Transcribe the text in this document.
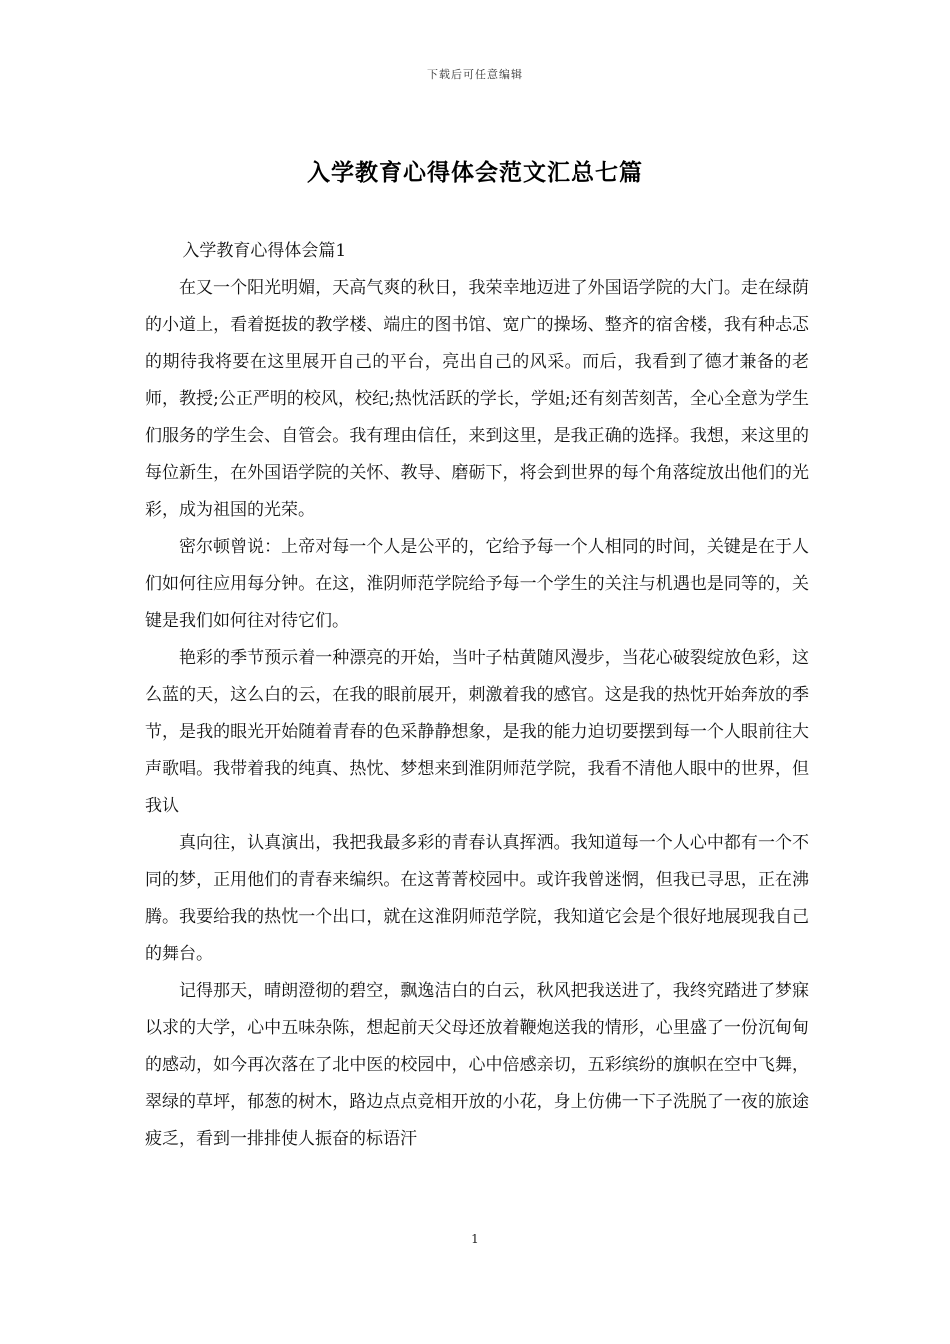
下载后可任意编辑
入学教育心得体会范文汇总七篇

入学教育心得体会篇1

在又一个阳光明媚，天高气爽的秋日，我荣幸地迈进了外国语学院的大门。走在绿荫的小道上，看着挺拔的教学楼、端庄的图书馆、宽广的操场、整齐的宿舍楼，我有种忐忑的期待我将要在这里展开自己的平台，亮出自己的风采。而后，我看到了德才兼备的老师，教授;公正严明的校风，校纪;热忱活跃的学长，学姐;还有刻苦刻苦，全心全意为学生们服务的学生会、自管会。我有理由信任，来到这里，是我正确的选择。我想，来这里的每位新生，在外国语学院的关怀、教导、磨砺下，将会到世界的每个角落绽放出他们的光彩，成为祖国的光荣。

密尔顿曾说：上帝对每一个人是公平的，它给予每一个人相同的时间，关键是在于人们如何往应用每分钟。在这，淮阴师范学院给予每一个学生的关注与机遇也是同等的，关键是我们如何往对待它们。

艳彩的季节预示着一种漂亮的开始，当叶子枯黄随风漫步，当花心破裂绽放色彩，这么蓝的天，这么白的云，在我的眼前展开，刺激着我的感官。这是我的热忱开始奔放的季节，是我的眼光开始随着青春的色采静静想象，是我的能力迫切要摆到每一个人眼前往大声歌唱。我带着我的纯真、热忱、梦想来到淮阴师范学院，我看不清他人眼中的世界，但我认

真向往，认真演出，我把我最多彩的青春认真挥洒。我知道每一个人心中都有一个不同的梦，正用他们的青春来编织。在这菁菁校园中。或许我曾迷惘，但我已寻思，正在沸腾。我要给我的热忱一个出口，就在这淮阴师范学院，我知道它会是个很好地展现我自己的舞台。

记得那天，晴朗澄彻的碧空，飘逸洁白的白云，秋风把我送进了，我终究踏进了梦寐以求的大学，心中五味杂陈，想起前天父母还放着鞭炮送我的情形，心里盛了一份沉甸甸的感动，如今再次落在了北中医的校园中，心中倍感亲切，五彩缤纷的旗帜在空中飞舞，翠绿的草坪，郁葱的树木，路边点点竞相开放的小花，身上仿佛一下子洗脱了一夜的旅途疲乏，看到一排排使人振奋的标语汗

1
